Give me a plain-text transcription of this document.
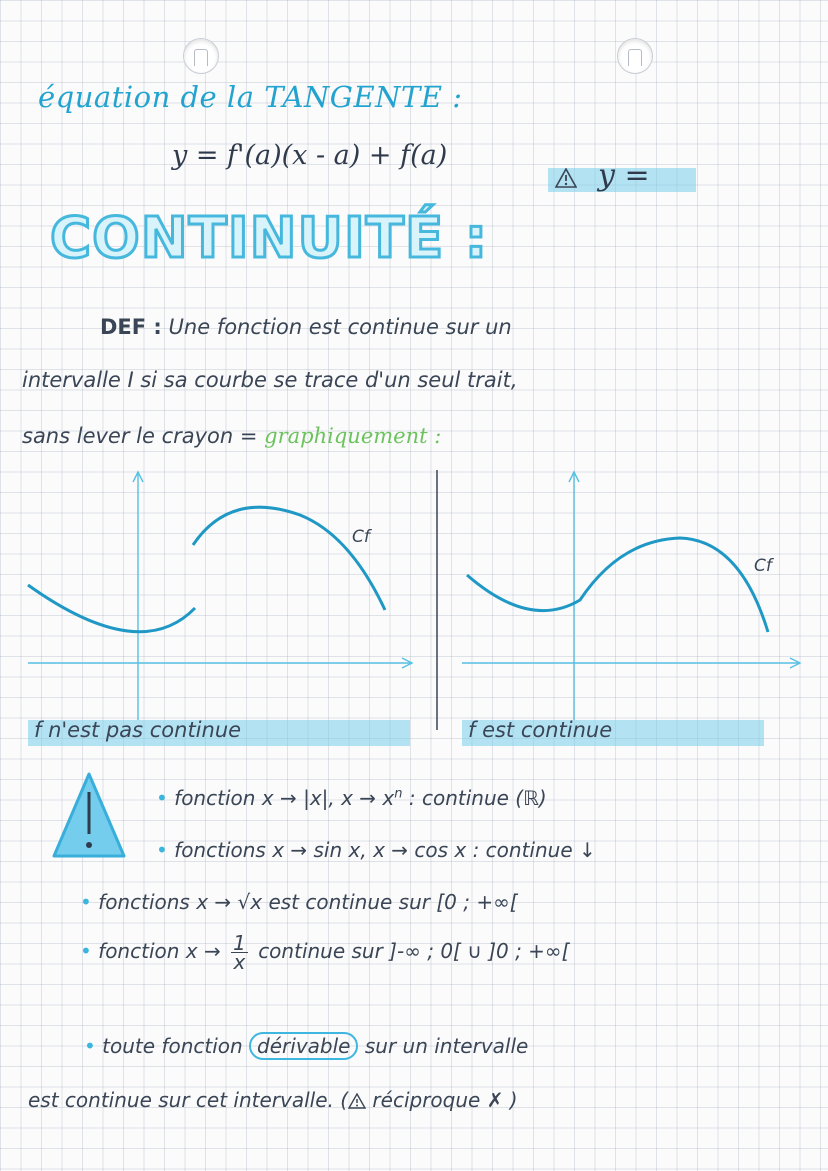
équation de la TANGENTE :
y = f'(a)(x - a) + f(a)
y =
CONTINUITÉ :
DEF : Une fonction est continue sur un
intervalle I si sa courbe se trace d'un seul trait,
sans lever le crayon = graphiquement :
Cf
Cf
f n'est pas continue	f est continue
• fonction x → |x|, $x \to x^n$ : continue (ℝ)
• fonctions x → sin x, x → cos x : continue ↓
• fonctions x → √x est continue sur [0 ; +∞[
• fonction $x \to \frac{1}{x}$ continue sur ]-∞ ; 0[ ∪ ]0 ; +∞[
• toute fonction dérivable sur un intervalle
est continue sur cet intervalle. ( réciproque ✗ )
